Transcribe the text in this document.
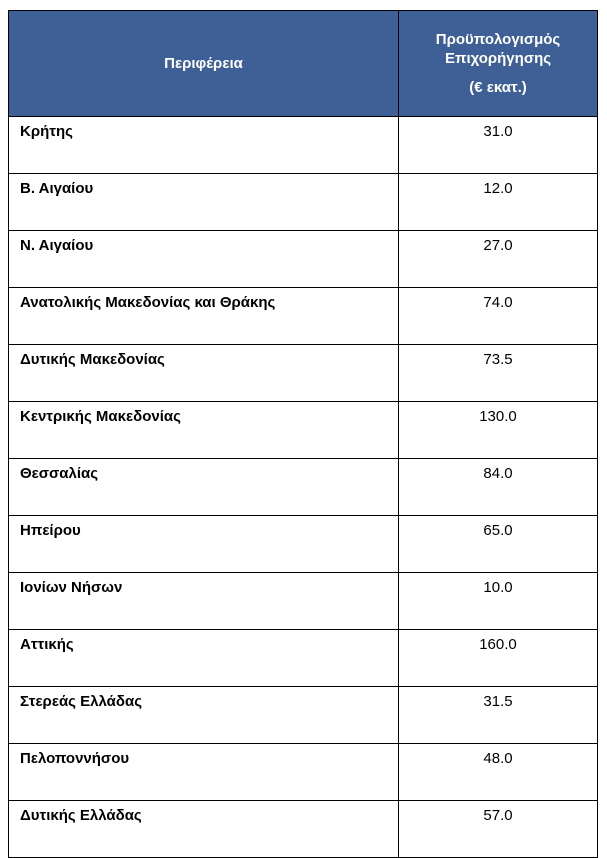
Περιφέρεια	Προϋπολογισμός
Επιχορήγησης
(€ εκατ.)

Κρήτης	31.0
Β. Αιγαίου	12.0
Ν. Αιγαίου	27.0
Ανατολικής Μακεδονίας και Θράκης	74.0
Δυτικής Μακεδονίας	73.5
Κεντρικής Μακεδονίας	130.0
Θεσσαλίας	84.0
Ηπείρου	65.0
Ιονίων Νήσων	10.0
Αττικής	160.0
Στερεάς Ελλάδας	31.5
Πελοποννήσου	48.0
Δυτικής Ελλάδας	57.0
